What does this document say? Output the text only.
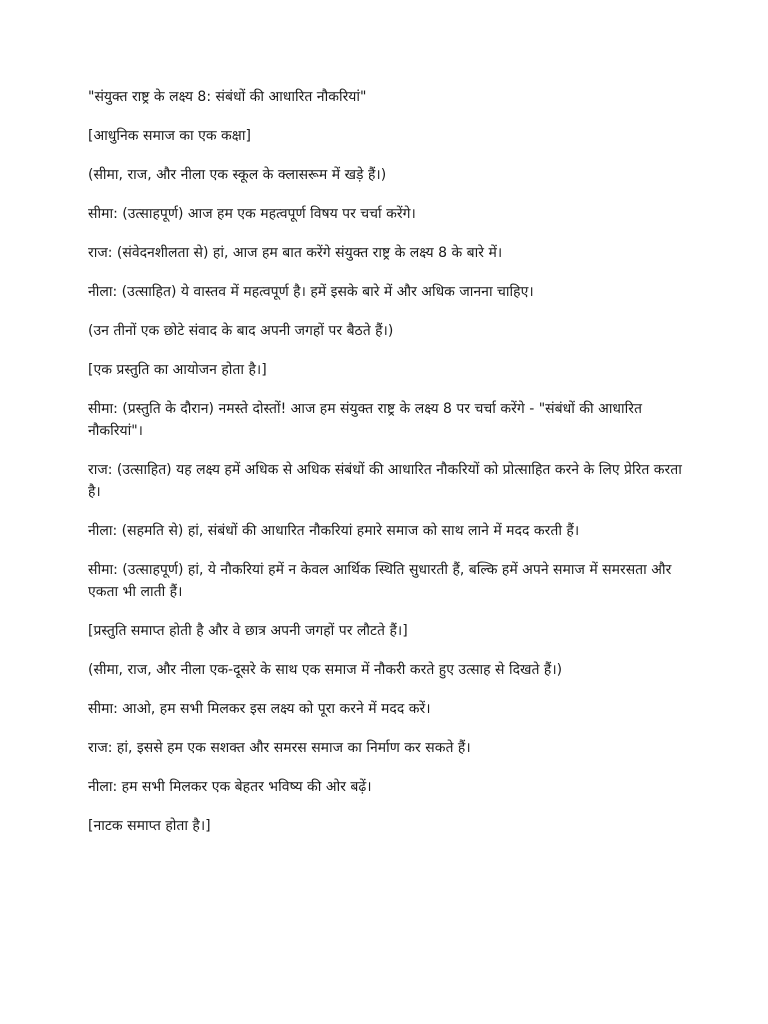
"संयुक्त राष्ट्र के लक्ष्य 8: संबंधों की आधारित नौकरियां"

[आधुनिक समाज का एक कक्षा]

(सीमा, राज, और नीला एक स्कूल के क्लासरूम में खड़े हैं।)

सीमा: (उत्साहपूर्ण) आज हम एक महत्वपूर्ण विषय पर चर्चा करेंगे।

राज: (संवेदनशीलता से) हां, आज हम बात करेंगे संयुक्त राष्ट्र के लक्ष्य 8 के बारे में।

नीला: (उत्साहित) ये वास्तव में महत्वपूर्ण है। हमें इसके बारे में और अधिक जानना चाहिए।

(उन तीनों एक छोटे संवाद के बाद अपनी जगहों पर बैठते हैं।)

[एक प्रस्तुति का आयोजन होता है।]

सीमा: (प्रस्तुति के दौरान) नमस्ते दोस्तों! आज हम संयुक्त राष्ट्र के लक्ष्य 8 पर चर्चा करेंगे - "संबंधों की आधारित नौकरियां"।

राज: (उत्साहित) यह लक्ष्य हमें अधिक से अधिक संबंधों की आधारित नौकरियों को प्रोत्साहित करने के लिए प्रेरित करता है।

नीला: (सहमति से) हां, संबंधों की आधारित नौकरियां हमारे समाज को साथ लाने में मदद करती हैं।

सीमा: (उत्साहपूर्ण) हां, ये नौकरियां हमें न केवल आर्थिक स्थिति सुधारती हैं, बल्कि हमें अपने समाज में समरसता और एकता भी लाती हैं।

[प्रस्तुति समाप्त होती है और वे छात्र अपनी जगहों पर लौटते हैं।]

(सीमा, राज, और नीला एक-दूसरे के साथ एक समाज में नौकरी करते हुए उत्साह से दिखते हैं।)

सीमा: आओ, हम सभी मिलकर इस लक्ष्य को पूरा करने में मदद करें।

राज: हां, इससे हम एक सशक्त और समरस समाज का निर्माण कर सकते हैं।

नीला: हम सभी मिलकर एक बेहतर भविष्य की ओर बढ़ें।

[नाटक समाप्त होता है।]
